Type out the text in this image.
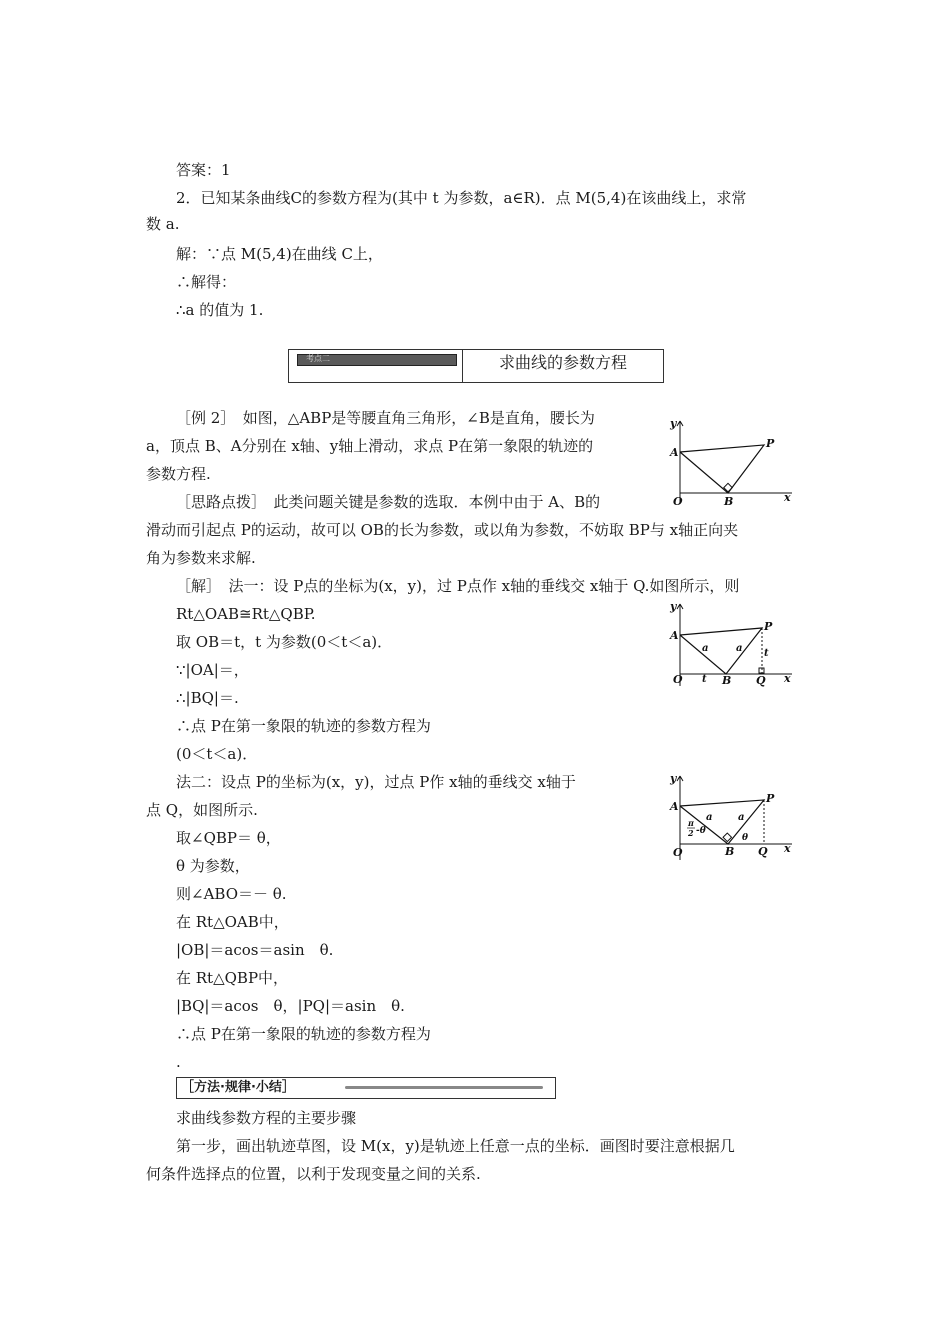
答案：1
2．已知某条曲线C的参数方程为(其中 t 为参数，a∈R)．点 M(5,4)在该曲线上，求常
数 a.
解：∵点 M(5,4)在曲线 C上，
∴解得：
∴a 的值为 1.
考点二	求曲线的参数方程
［例 2］　如图，△ABP是等腰直角三角形，∠B是直角，腰长为
a，顶点 B、A分别在 x轴、y轴上滑动，求点 P在第一象限的轨迹的
参数方程.
［思路点拨］　此类问题关键是参数的选取．本例中由于 A、B的
滑动而引起点 P的运动，故可以 OB的长为参数，或以角为参数，不妨取 BP与 x轴正向夹
角为参数来求解.
［解］　法一：设 P点的坐标为(x，y)，过 P点作 x轴的垂线交 x轴于 Q.如图所示，则
Rt△OAB≅Rt△QBP.
取 OB＝t，t 为参数(0＜t＜a)．
∵|OA|＝，
∴|BQ|＝.
∴点 P在第一象限的轨迹的参数方程为
(0＜t＜a)．
法二：设点 P的坐标为(x，y)，过点 P作 x轴的垂线交 x轴于
点 Q，如图所示.
取∠QBP＝ θ，
θ 为参数，
则∠ABO＝－ θ.
在 Rt△OAB中，
|OB|＝acos＝asin　θ.
在 Rt△QBP中，
|BQ|＝acos　θ，|PQ|＝asin　θ.
∴点 P在第一象限的轨迹的参数方程为
.
［方法·规律·小结］
求曲线参数方程的主要步骤
第一步，画出轨迹草图，设 M(x，y)是轨迹上任意一点的坐标．画图时要注意根据几
何条件选择点的位置，以利于发现变量之间的关系.
y
x
O
A
B
P
y
x
O
A
B
P
Q
a	a
t
t
y
x
O
A
B
P
Q
a	a
π
2 -θ
θ
